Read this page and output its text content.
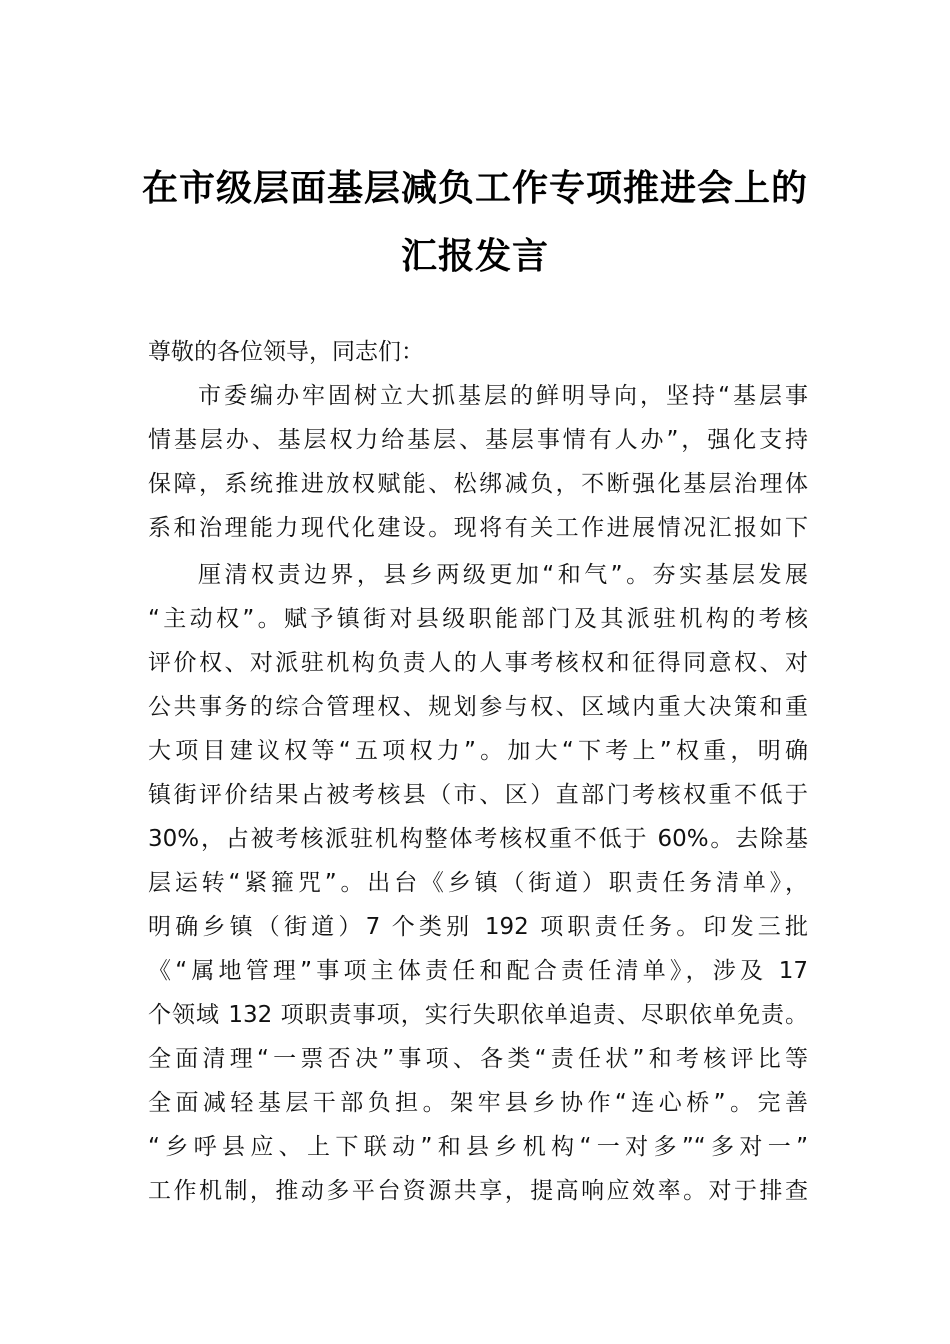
在市级层面基层减负工作专项推进会上的
汇报发言
尊敬的各位领导，同志们：
市委编办牢固树立大抓基层的鲜明导向，坚持“基层事
情基层办、基层权力给基层、基层事情有人办”，强化支持
保障，系统推进放权赋能、松绑减负，不断强化基层治理体
系和治理能力现代化建设。现将有关工作进展情况汇报如下
厘清权责边界，县乡两级更加“和气”。夯实基层发展
“主动权”。赋予镇街对县级职能部门及其派驻机构的考核
评价权、对派驻机构负责人的人事考核权和征得同意权、对
公共事务的综合管理权、规划参与权、区域内重大决策和重
大项目建议权等“五项权力”。加大“下考上”权重，明确
镇街评价结果占被考核县（市、区）直部门考核权重不低于
30%，占被考核派驻机构整体考核权重不低于 60%。去除基
层运转“紧箍咒”。出台《乡镇（街道）职责任务清单》，
明确乡镇（街道）7 个类别 192 项职责任务。印发三批
《“属地管理”事项主体责任和配合责任清单》，涉及 17
个领域 132 项职责事项，实行失职依单追责、尽职依单免责。
全面清理“一票否决”事项、各类“责任状”和考核评比等
全面减轻基层干部负担。架牢县乡协作“连心桥”。完善
“乡呼县应、上下联动”和县乡机构“一对多”“多对一”
工作机制，推动多平台资源共享，提高响应效率。对于排查
